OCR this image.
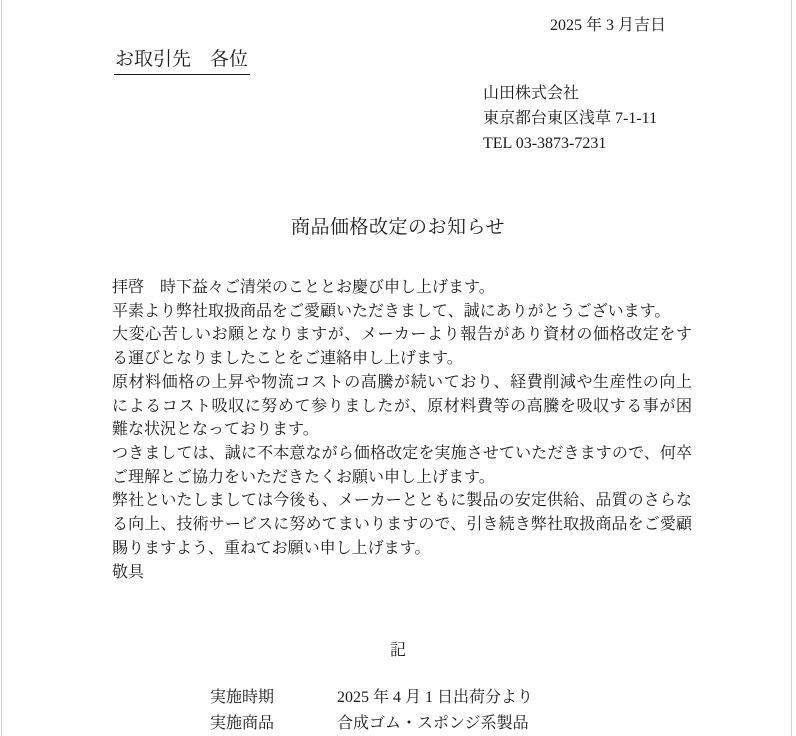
2025 年 3 月吉日
お取引先　各位
山田株式会社
東京都台東区浅草 7-1-11
TEL 03-3873-7231
商品価格改定のお知らせ
拝啓　時下益々ご清栄のこととお慶び申し上げます。
平素より弊社取扱商品をご愛顧いただきまして、誠にありがとうございます。
大変心苦しいお願となりますが、メーカーより報告があり資材の価格改定をす
る運びとなりましたことをご連絡申し上げます。
原材料価格の上昇や物流コストの高騰が続いており、経費削減や生産性の向上
によるコスト吸収に努めて参りましたが、原材料費等の高騰を吸収する事が困
難な状況となっております。
つきましては、誠に不本意ながら価格改定を実施させていただきますので、何卒
ご理解とご協力をいただきたくお願い申し上げます。
弊社といたしましては今後も、メーカーとともに製品の安定供給、品質のさらな
る向上、技術サービスに努めてまいりますので、引き続き弊社取扱商品をご愛顧
賜りますよう、重ねてお願い申し上げます。
敬具
記
実施時期	2025 年 4 月 1 日出荷分より
実施商品	合成ゴム・スポンジ系製品
